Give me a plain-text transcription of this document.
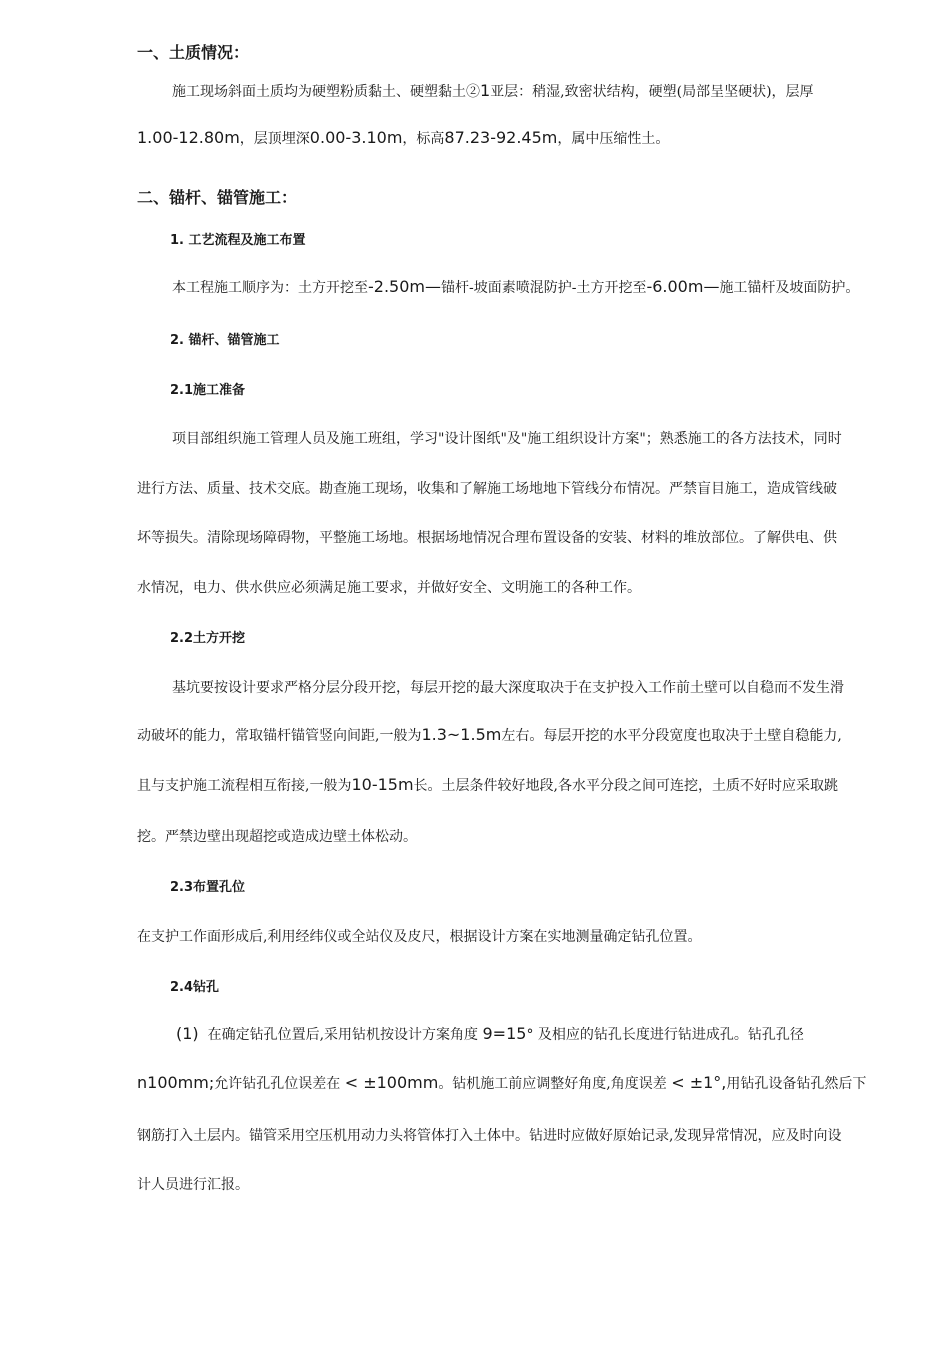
一、土质情况：
施工现场斜面土质均为硬塑粉质黏土、硬塑黏土②1亚层：稍湿,致密状结构，硬塑(局部呈坚硬状)，层厚
1.00-12.80m，层顶埋深0.00-3.10m，标高87.23-92.45m，属中压缩性土。
二、锚杆、锚管施工：
1. 工艺流程及施工布置
本工程施工顺序为：土方开挖至-2.50m—锚杆-坡面素喷混防护-土方开挖至-6.00m—施工锚杆及坡面防护。
2. 锚杆、锚管施工
2.1施工准备
项目部组织施工管理人员及施工班组，学习"设计图纸"及"施工组织设计方案"；熟悉施工的各方法技术，同时
进行方法、质量、技术交底。勘查施工现场，收集和了解施工场地地下管线分布情况。严禁盲目施工，造成管线破
坏等损失。清除现场障碍物，平整施工场地。根据场地情况合理布置设备的安装、材料的堆放部位。了解供电、供
水情况，电力、供水供应必须满足施工要求，并做好安全、文明施工的各种工作。
2.2土方开挖
基坑要按设计要求严格分层分段开挖，每层开挖的最大深度取决于在支护投入工作前土壁可以自稳而不发生滑
动破坏的能力，常取锚杆锚管竖向间距,一般为1.3~1.5m左右。每层开挖的水平分段宽度也取决于土壁自稳能力,
且与支护施工流程相互衔接,一般为10-15m长。土层条件较好地段,各水平分段之间可连挖，土质不好时应采取跳
挖。严禁边壁出现超挖或造成边壁土体松动。
2.3布置孔位
在支护工作面形成后,利用经纬仪或全站仪及皮尺，根据设计方案在实地测量确定钻孔位置。
2.4钻孔
(1) 在确定钻孔位置后,采用钻机按设计方案角度 9=15° 及相应的钻孔长度进行钻进成孔。钻孔孔径
n100mm;允许钻孔孔位误差在 < ±100mm。钻机施工前应调整好角度,角度误差 < ±1°,用钻孔设备钻孔然后下
钢筋打入土层内。锚管采用空压机用动力头将管体打入土体中。钻进时应做好原始记录,发现异常情况，应及时向设
计人员进行汇报。
